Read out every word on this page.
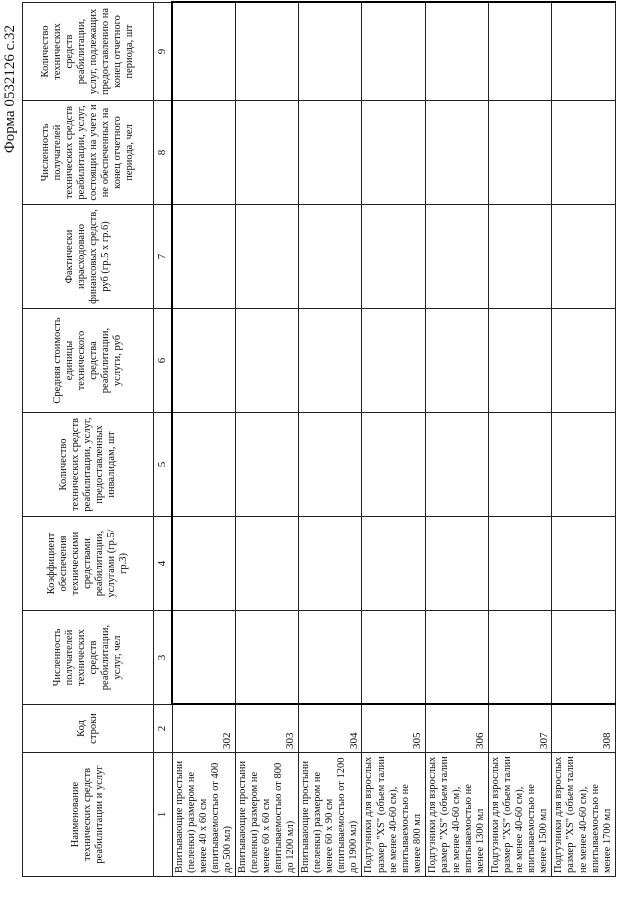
Форма 0532126 с.32
Наименование технических средств реабилитации и услуг	Код строки	Численность получателей технических средств реабилитации, услуг, чел	Коэффициент обеспечения техническими средствами реабилитации, услугами (гр.5/гр.3)	Количество технических средств реабилитации, услуг, предоставленных инвалидам, шт	Средняя стоимость единицы технического средства реабилитации, услуги, руб	Фактически израсходовано финансовых средств, руб (гр.5 х гр.6)	Численность получателей технических средств реабилитации, услуг, состоящих на учете и не обеспеченных на конец отчетного периода, чел	Количество технических средств реабилитации, услуг, подлежащих предоставлению на конец отчетного периода, шт
1	2	3	4	5	6	7	8	9
Впитывающие простыни (пеленки) размером не менее 40 х 60 см (впитываемостью от 400 до 500 мл)	302							
Впитывающие простыни (пеленки) размером не менее 60 х 60 см (впитываемостью от 800 до 1200 мл)	303							
Впитывающие простыни (пеленки) размером не менее 60 х 90 см (впитываемостью от 1200 до 1900 мл)	304							
Подгузники для взрослых размер "XS" (объем талии не менее 40-60 см), впитываемостью не менее 800 мл	305							
Подгузники для взрослых размер "XS" (объем талии не менее 40-60 см), впитываемостью не менее 1300 мл	306							
Подгузники для взрослых размер "XS" (объем талии не менее 40-60 см), впитываемостью не менее 1500 мл	307							
Подгузники для взрослых размер "XS" (объем талии не менее 40-60 см), впитываемостью не менее 1700 мл	308							
